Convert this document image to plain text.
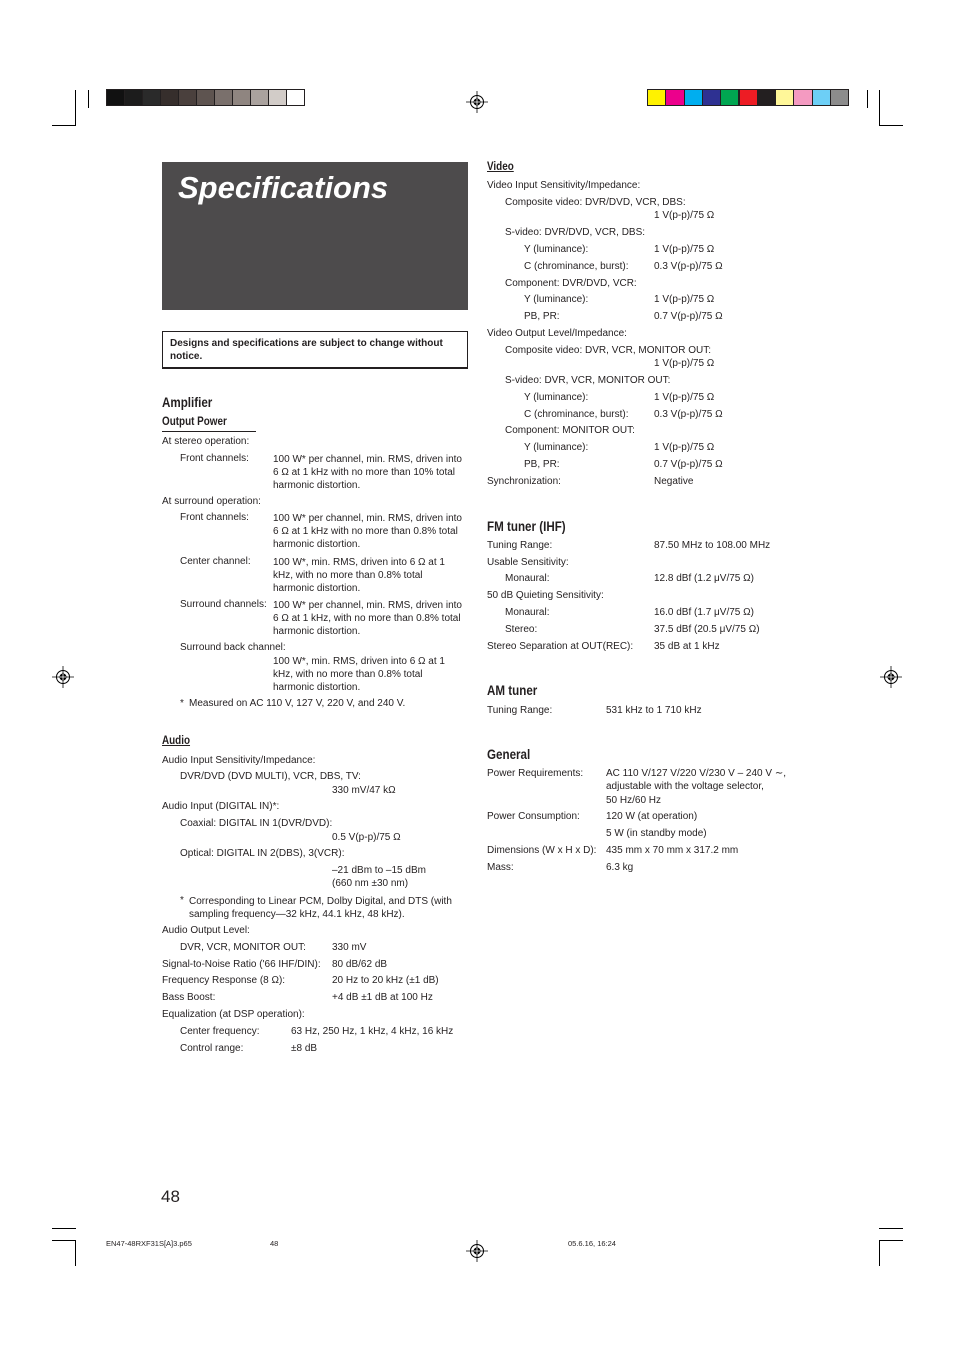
Specifications
Designs and specifications are subject to change without notice.
Amplifier
Output Power
At stereo operation:
Front channels: 100 W* per channel, min. RMS, driven into 6 Ω at 1 kHz with no more than 10% total harmonic distortion.
At surround operation:
Front channels: 100 W* per channel, min. RMS, driven into 6 Ω at 1 kHz with no more than 0.8% total harmonic distortion.
Center channel: 100 W*, min. RMS, driven into 6 Ω at 1 kHz, with no more than 0.8% total harmonic distortion.
Surround channels: 100 W* per channel, min. RMS, driven into 6 Ω at 1 kHz, with no more than 0.8% total harmonic distortion.
Surround back channel:
100 W*, min. RMS, driven into 6 Ω at 1 kHz, with no more than 0.8% total harmonic distortion.
* Measured on AC 110 V, 127 V, 220 V, and 240 V.
Audio
Audio Input Sensitivity/Impedance:
DVR/DVD (DVD MULTI), VCR, DBS, TV:
330 mV/47 kΩ
Audio Input (DIGITAL IN)*:
Coaxial: DIGITAL IN 1(DVR/DVD):
0.5 V(p-p)/75 Ω
Optical: DIGITAL IN 2(DBS), 3(VCR):
–21 dBm to –15 dBm
(660 nm ±30 nm)
* Corresponding to Linear PCM, Dolby Digital, and DTS (with sampling frequency—32 kHz, 44.1 kHz, 48 kHz).
Audio Output Level:
DVR, VCR, MONITOR OUT:	330 mV
Signal-to-Noise Ratio ('66 IHF/DIN): 80 dB/62 dB
Frequency Response (8 Ω):	20 Hz to 20 kHz (±1 dB)
Bass Boost:	+4 dB ±1 dB at 100 Hz
Equalization (at DSP operation):
Center frequency:	63 Hz, 250 Hz, 1 kHz, 4 kHz, 16 kHz
Control range:	±8 dB
Video
Video Input Sensitivity/Impedance:
Composite video: DVR/DVD, VCR, DBS:
1 V(p-p)/75 Ω
S-video: DVR/DVD, VCR, DBS:
Y (luminance):	1 V(p-p)/75 Ω
C (chrominance, burst):	0.3 V(p-p)/75 Ω
Component: DVR/DVD, VCR:
Y (luminance):	1 V(p-p)/75 Ω
PB, PR:	0.7 V(p-p)/75 Ω
Video Output Level/Impedance:
Composite video: DVR, VCR, MONITOR OUT:
1 V(p-p)/75 Ω
S-video: DVR, VCR, MONITOR OUT:
Y (luminance):	1 V(p-p)/75 Ω
C (chrominance, burst):	0.3 V(p-p)/75 Ω
Component: MONITOR OUT:
Y (luminance):	1 V(p-p)/75 Ω
PB, PR:	0.7 V(p-p)/75 Ω
Synchronization:	Negative
FM tuner (IHF)
Tuning Range:	87.50 MHz to 108.00 MHz
Usable Sensitivity:
Monaural:	12.8 dBf (1.2 μV/75 Ω)
50 dB Quieting Sensitivity:
Monaural:	16.0 dBf (1.7 μV/75 Ω)
Stereo:	37.5 dBf (20.5 μV/75 Ω)
Stereo Separation at OUT(REC): 35 dB at 1 kHz
AM tuner
Tuning Range:	531 kHz to 1 710 kHz
General
Power Requirements: AC 110 V/127 V/220 V/230 V – 240 V ∼,
adjustable with the voltage selector,
50 Hz/60 Hz
Power Consumption:	120 W (at operation)
5 W (in standby mode)
Dimensions (W x H x D): 435 mm x 70 mm x 317.2 mm
Mass:	6.3 kg
48
EN47-48RXF31S[A]3.p65	48	05.6.16, 16:24
